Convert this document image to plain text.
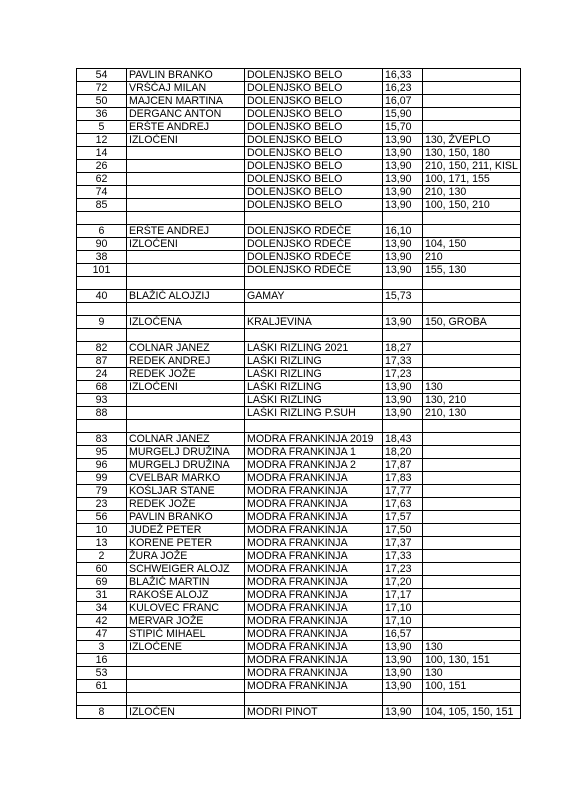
54	PAVLIN BRANKO	DOLENJSKO BELO	16,33	
72	VRŠČAJ MILAN	DOLENJSKO BELO	16,23	
50	MAJCEN MARTINA	DOLENJSKO BELO	16,07	
36	DERGANC ANTON	DOLENJSKO BELO	15,90	
5	ERŠTE ANDREJ	DOLENJSKO BELO	15,70	
12	IZLOČENI	DOLENJSKO BELO	13,90	130, ŽVEPLO
14		DOLENJSKO BELO	13,90	130, 150, 180
26		DOLENJSKO BELO	13,90	210, 150, 211, KISL
62		DOLENJSKO BELO	13,90	100, 171, 155
74		DOLENJSKO BELO	13,90	210, 130
85		DOLENJSKO BELO	13,90	100, 150, 210

6	ERŠTE ANDREJ	DOLENJSKO RDEČE	16,10	
90	IZLOČENI	DOLENJSKO RDEČE	13,90	104, 150
38		DOLENJSKO RDEČE	13,90	210
101		DOLENJSKO RDEČE	13,90	155, 130

40	BLAŽIČ ALOJZIJ	GAMAY	15,73	

9	IZLOČENA	KRALJEVINA	13,90	150, GROBA

82	COLNAR JANEZ	LAŠKI RIZLING 2021	18,27	
87	REDEK ANDREJ	LAŠKI RIZLING	17,33	
24	REDEK JOŽE	LAŠKI RIZLING	17,23	
68	IZLOČENI	LAŠKI RIZLING	13,90	130
93		LAŠKI RIZLING	13,90	130, 210
88		LAŠKI RIZLING P.SUH	13,90	210, 130

83	COLNAR JANEZ	MODRA FRANKINJA 2019	18,43	
95	MURGELJ DRUŽINA	MODRA FRANKINJA 1	18,20	
96	MURGELJ DRUŽINA	MODRA FRANKINJA 2	17,87	
99	CVELBAR MARKO	MODRA FRANKINJA	17,83	
79	KOŠLJAR STANE	MODRA FRANKINJA	17,77	
23	REDEK JOŽE	MODRA FRANKINJA	17,63	
56	PAVLIN BRANKO	MODRA FRANKINJA	17,57	
10	JUDEŽ PETER	MODRA FRANKINJA	17,50	
13	KORENE PETER	MODRA FRANKINJA	17,37	
2	ŽURA JOŽE	MODRA FRANKINJA	17,33	
60	SCHWEIGER ALOJZ	MODRA FRANKINJA	17,23	
69	BLAŽIČ MARTIN	MODRA FRANKINJA	17,20	
31	RAKOŠE ALOJZ	MODRA FRANKINJA	17,17	
34	KULOVEC FRANC	MODRA FRANKINJA	17,10	
42	MERVAR JOŽE	MODRA FRANKINJA	17,10	
47	STIPIČ MIHAEL	MODRA FRANKINJA	16,57	
3	IZLOČENE	MODRA FRANKINJA	13,90	130
16		MODRA FRANKINJA	13,90	100, 130, 151
53		MODRA FRANKINJA	13,90	130
61		MODRA FRANKINJA	13,90	100, 151

8	IZLOČEN	MODRI PINOT	13,90	104, 105, 150, 151
